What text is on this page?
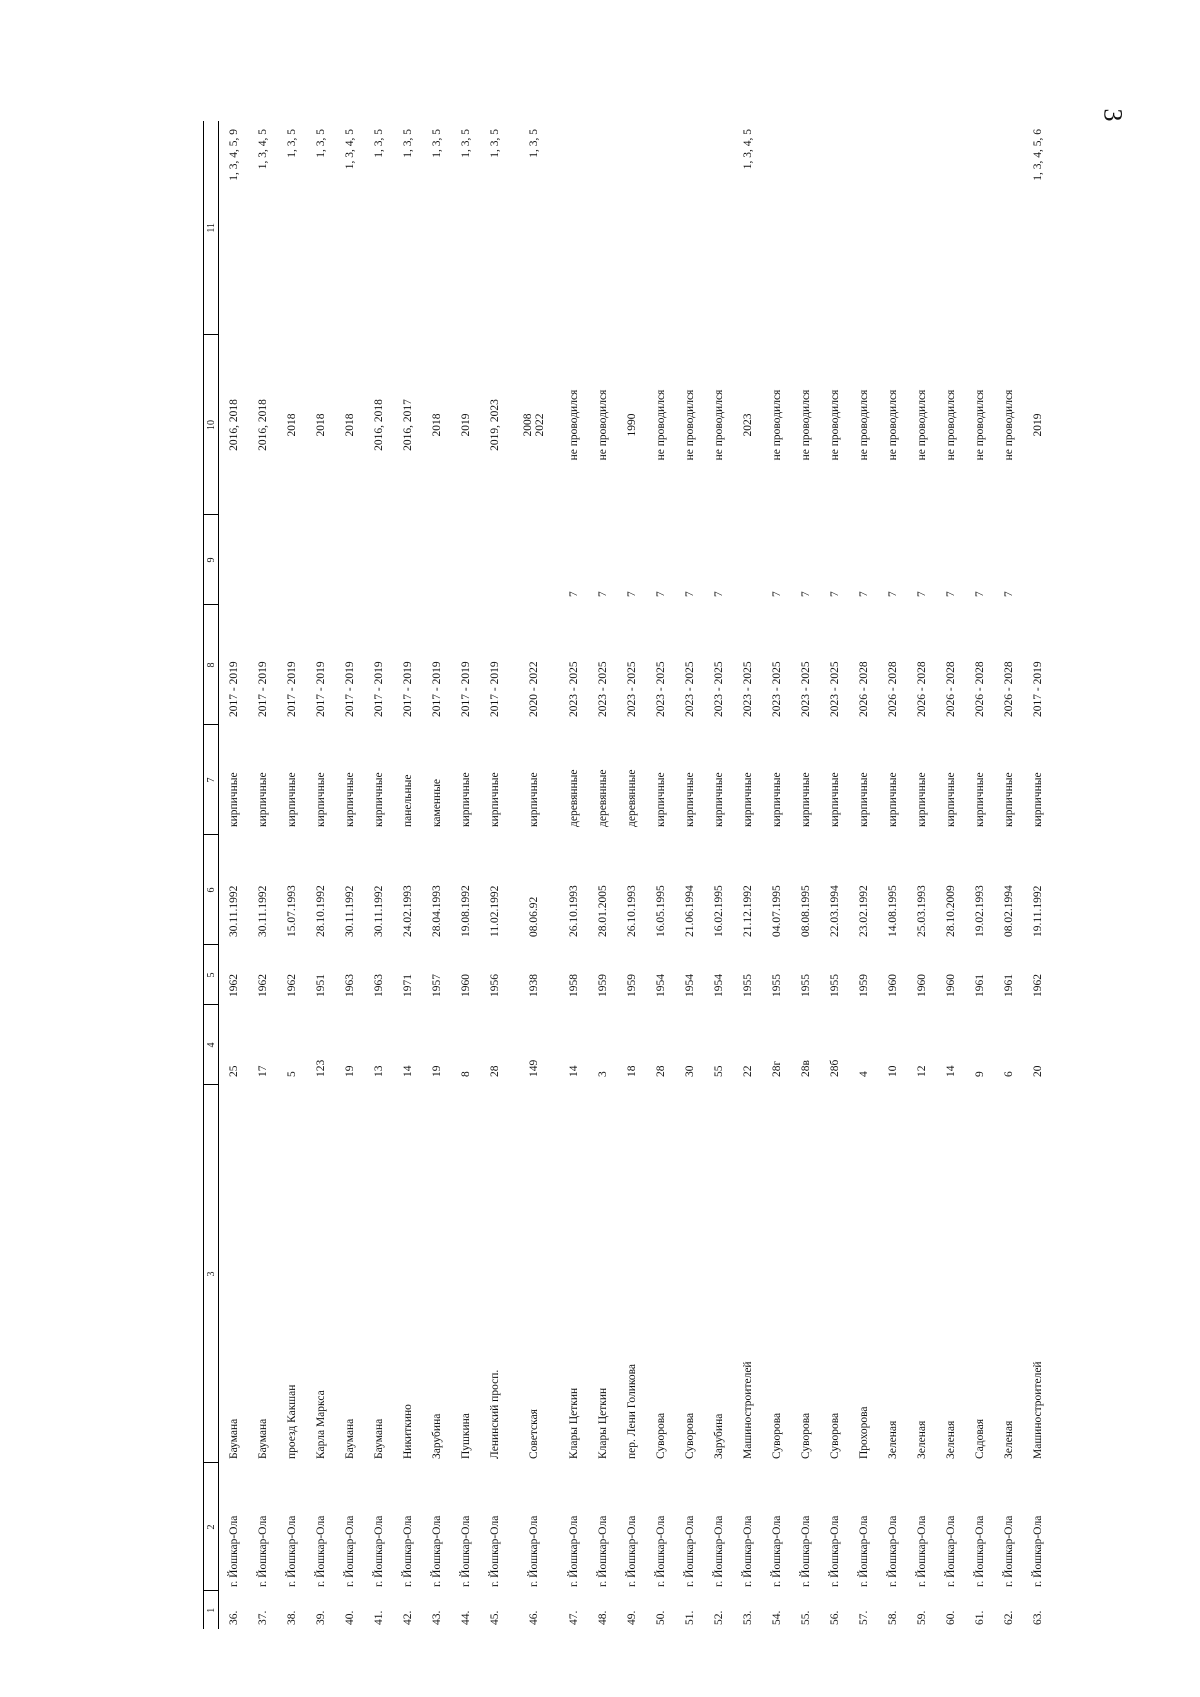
3
1	2	3	4	5	6	7	8	9	10	11
36.	г. Йошкар-Ола	Баумана	25	1962	30.11.1992	кирпичные	2017 - 2019		2016, 2018	1, 3, 4, 5, 9
37.	г. Йошкар-Ола	Баумана	17	1962	30.11.1992	кирпичные	2017 - 2019		2016, 2018	1, 3, 4, 5
38.	г. Йошкар-Ола	проезд Какшан	5	1962	15.07.1993	кирпичные	2017 - 2019		2018	1, 3, 5
39.	г. Йошкар-Ола	Карла Маркса	123	1951	28.10.1992	кирпичные	2017 - 2019		2018	1, 3, 5
40.	г. Йошкар-Ола	Баумана	19	1963	30.11.1992	кирпичные	2017 - 2019		2018	1, 3, 4, 5
41.	г. Йошкар-Ола	Баумана	13	1963	30.11.1992	кирпичные	2017 - 2019		2016, 2018	1, 3, 5
42.	г. Йошкар-Ола	Никиткино	14	1971	24.02.1993	панельные	2017 - 2019		2016, 2017	1, 3, 5
43.	г. Йошкар-Ола	Зарубина	19	1957	28.04.1993	каменные	2017 - 2019		2018	1, 3, 5
44.	г. Йошкар-Ола	Пушкина	8	1960	19.08.1992	кирпичные	2017 - 2019		2019	1, 3, 5
45.	г. Йошкар-Ола	Ленинский просп.	28	1956	11.02.1992	кирпичные	2017 - 2019		2019, 2023	1, 3, 5
46.	г. Йошкар-Ола	Советская	149	1938	08.06.92	кирпичные	2020 - 2022		2008 2022	1, 3, 5
47.	г. Йошкар-Ола	Клары Цеткин	14	1958	26.10.1993	деревянные	2023 - 2025	7	не проводился	
48.	г. Йошкар-Ола	Клары Цеткин	3	1959	28.01.2005	деревянные	2023 - 2025	7	не проводился	
49.	г. Йошкар-Ола	пер. Лени Голикова	18	1959	26.10.1993	деревянные	2023 - 2025	7	1990	
50.	г. Йошкар-Ола	Суворова	28	1954	16.05.1995	кирпичные	2023 - 2025	7	не проводился	
51.	г. Йошкар-Ола	Суворова	30	1954	21.06.1994	кирпичные	2023 - 2025	7	не проводился	
52.	г. Йошкар-Ола	Зарубина	55	1954	16.02.1995	кирпичные	2023 - 2025	7	не проводился	
53.	г. Йошкар-Ола	Машиностроителей	22	1955	21.12.1992	кирпичные	2023 - 2025		2023	1, 3, 4, 5
54.	г. Йошкар-Ола	Суворова	28г	1955	04.07.1995	кирпичные	2023 - 2025	7	не проводился	
55.	г. Йошкар-Ола	Суворова	28в	1955	08.08.1995	кирпичные	2023 - 2025	7	не проводился	
56.	г. Йошкар-Ола	Суворова	28б	1955	22.03.1994	кирпичные	2023 - 2025	7	не проводился	
57.	г. Йошкар-Ола	Прохорова	4	1959	23.02.1992	кирпичные	2026 - 2028	7	не проводился	
58.	г. Йошкар-Ола	Зеленая	10	1960	14.08.1995	кирпичные	2026 - 2028	7	не проводился	
59.	г. Йошкар-Ола	Зеленая	12	1960	25.03.1993	кирпичные	2026 - 2028	7	не проводился	
60.	г. Йошкар-Ола	Зеленая	14	1960	28.10.2009	кирпичные	2026 - 2028	7	не проводился	
61.	г. Йошкар-Ола	Садовая	9	1961	19.02.1993	кирпичные	2026 - 2028	7	не проводился	
62.	г. Йошкар-Ола	Зеленая	6	1961	08.02.1994	кирпичные	2026 - 2028	7	не проводился	
63.	г. Йошкар-Ола	Машиностроителей	20	1962	19.11.1992	кирпичные	2017 - 2019		2019	1, 3, 4, 5, 6
